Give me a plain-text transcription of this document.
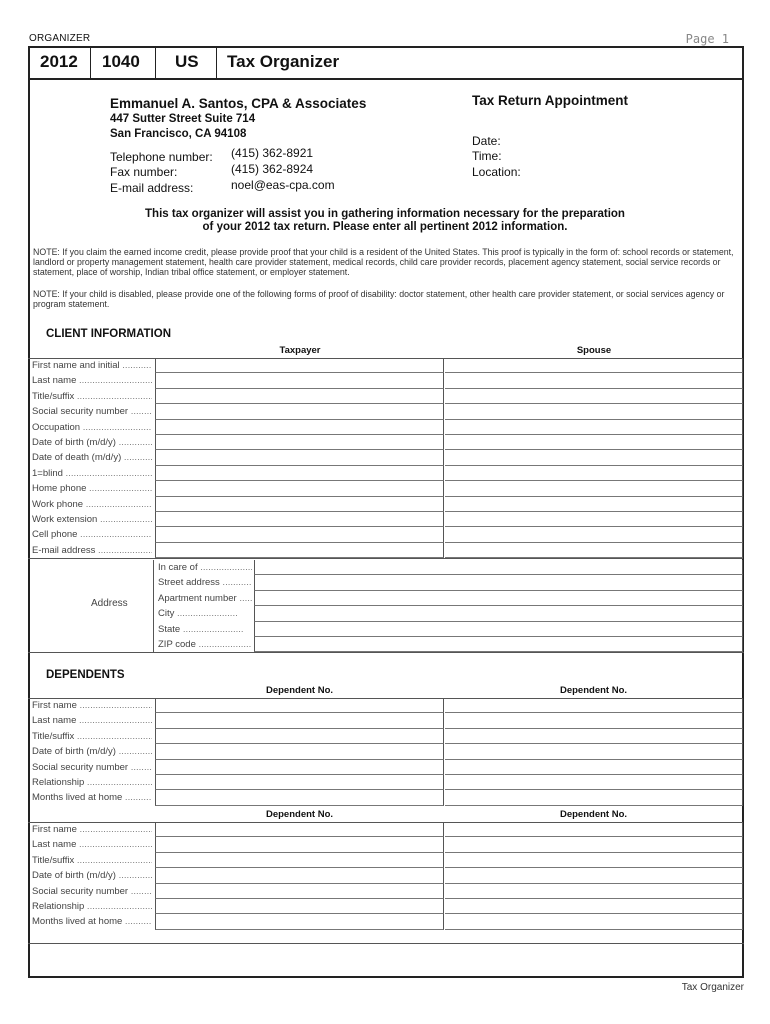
ORGANIZER	Page 1
2012 1040 US Tax Organizer
Emmanuel A. Santos, CPA & Associates
447 Sutter Street Suite 714
San Francisco, CA 94108
Telephone number: (415) 362-8921
Fax number:	(415) 362-8924
E-mail address:	noel@eas-cpa.com
Tax Return Appointment
Date:
Time:
Location:
This tax organizer will assist you in gathering information necessary for the preparation
of your 2012 tax return. Please enter all pertinent 2012 information.
NOTE: If you claim the earned income credit, please provide proof that your child is a resident of the United States. This proof is typically in the form of: school records or statement, landlord or property management statement, health care provider statement, medical records, child care provider records, placement agency statement, social service records or statement, place of worship, Indian tribal office statement, or employer statement.
NOTE: If your child is disabled, please provide one of the following forms of proof of disability: doctor statement, other health care provider statement, or social services agency or program statement.
CLIENT INFORMATION
Taxpayer	Spouse
First name and initial .....
Last name .....
Title/suffix .....
Social security number .....
Occupation .....
Date of birth (m/d/y) .....
Date of death (m/d/y) .....
1=blind .....
Home phone .....
Work phone .....
Work extension .....
Cell phone .....
E-mail address .....
Address
In care of .....
Street address .....
Apartment number .....
City .....
State .....
ZIP code .....
DEPENDENTS
Dependent No.	Dependent No.
First name .....
Last name .....
Title/suffix .....
Date of birth (m/d/y) .....
Social security number .....
Relationship .....
Months lived at home .....
Dependent No.	Dependent No.
First name .....
Last name .....
Title/suffix .....
Date of birth (m/d/y) .....
Social security number .....
Relationship .....
Months lived at home .....
Tax Organizer
